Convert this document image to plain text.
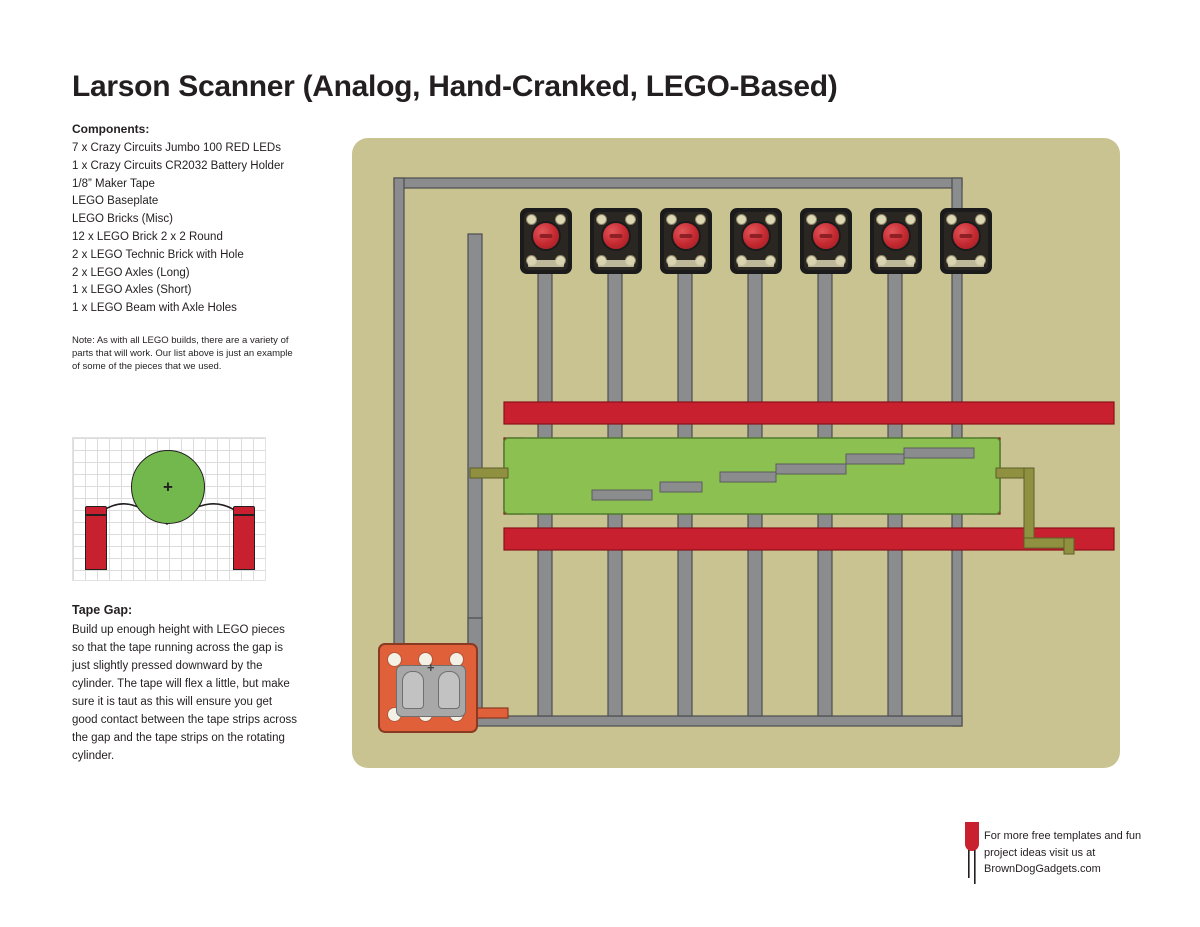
Larson Scanner (Analog, Hand-Cranked, LEGO-Based)
Components:
7 x Crazy Circuits Jumbo 100 RED LEDs
1 x Crazy Circuits CR2032 Battery Holder
1/8” Maker Tape
LEGO Baseplate
LEGO Bricks (Misc)
12 x LEGO Brick 2 x 2 Round
2 x LEGO Technic Brick with Hole
2 x LEGO Axles (Long)
1 x LEGO Axles (Short)
1 x LEGO Beam with Axle Holes
Note: As with all LEGO builds, there are a variety of parts that will work. Our list above is just an example of some of the pieces that we used.
+
Tape Gap:
Build up enough height with LEGO pieces so that the tape running across the gap is just slightly pressed downward by the cylinder. The tape will flex a little, but make sure it is taut as this will ensure you get good contact between the tape strips across the gap and the tape strips on the rotating cylinder.
+
For more free templates and fun project ideas visit us at BrownDogGadgets.com
